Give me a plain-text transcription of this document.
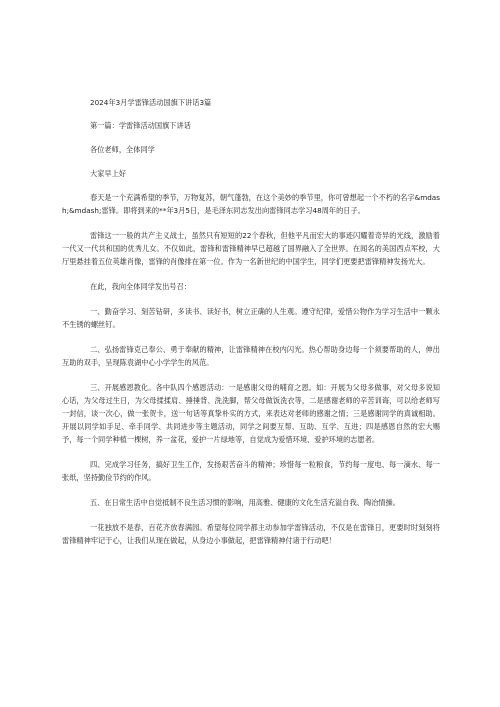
2024年3月学雷锋活动国旗下讲话3篇

第一篇：学雷锋活动国旗下讲话

各位老师，全体同学

大家早上好

春天是一个充满希望的季节，万物复苏，朝气蓬勃，在这个美妙的季节里，你可曾想起一个不朽的名字&mdash;&mdash;雷锋。即将到来的**年3月5日，是毛泽东同志发出向雷锋同志学习48周年的日子。

雷锋这一一般的共产主义战士，虽然只有短短的22个春秋，但他平凡而宏大的事迹闪耀着奇异的光线，激励着一代又一代共和国的优秀儿女。不仅如此，雷锋和雷锋精神早已超越了国界融入了全世界。在闻名的美国西点军校，大厅里悬挂着五位英雄肖像，雷锋的肖像排在第一位。作为一名新世纪的中国学生，同学们更要把雷锋精神发扬光大。

在此，我向全体同学发出号召：

一、勤奋学习、刻苦钻研，多读书、读好书，树立正确的人生观。遵守纪律，爱惜公物作为学习生活中一颗永不生锈的螺丝钉。

二、弘扬雷锋克己奉公、勇于奉献的精神，让雷锋精神在校内闪光。热心帮助身边每一个须要帮助的人，伸出互助的双手，呈现陈袁湖中心小学学生的风范。

三、开展感恩教化。各中队四个感恩活动：一是感谢父母的哺育之恩。如：开展为父母多做事，对父母多说知心话，为父母过生日，为父母揉揉肩、捶捶背、洗洗脚，帮父母做饭洗衣等，二是感谢老师的辛苦训诲，可以给老师写一封信，谈一次心，做一张贺卡，送一句话等真挚朴实的方式，来表达对老师的感谢之情；三是感谢同学的真诚相助。开展以同学如手足、牵手同学、共同进步等主题活动，同学之间要互帮、互助、互学、互进；四是感恩自然的宏大赐予，每一个同学种植一棵树，养一盆花，爱护一片绿地等，自觉成为爱惜环境、爱护环境的志愿者。

四、完成学习任务，搞好卫生工作，发扬艰苦奋斗的精神；珍惜每一粒粮食，节约每一度电、每一滴水、每一张纸，坚持勤俭节约的作风。

五、在日常生活中自觉抵制不良生活习惯的影响，用高雅、健康的文化生活充溢自我、陶冶情操。

一花独放不是春，百花齐放春满园。希望每位同学都主动参加学雷锋活动，不仅是在雷锋日，更要时时刻刻将雷锋精神牢记于心，让我们从现在做起，从身边小事做起，把雷锋精神付诸于行动吧！
